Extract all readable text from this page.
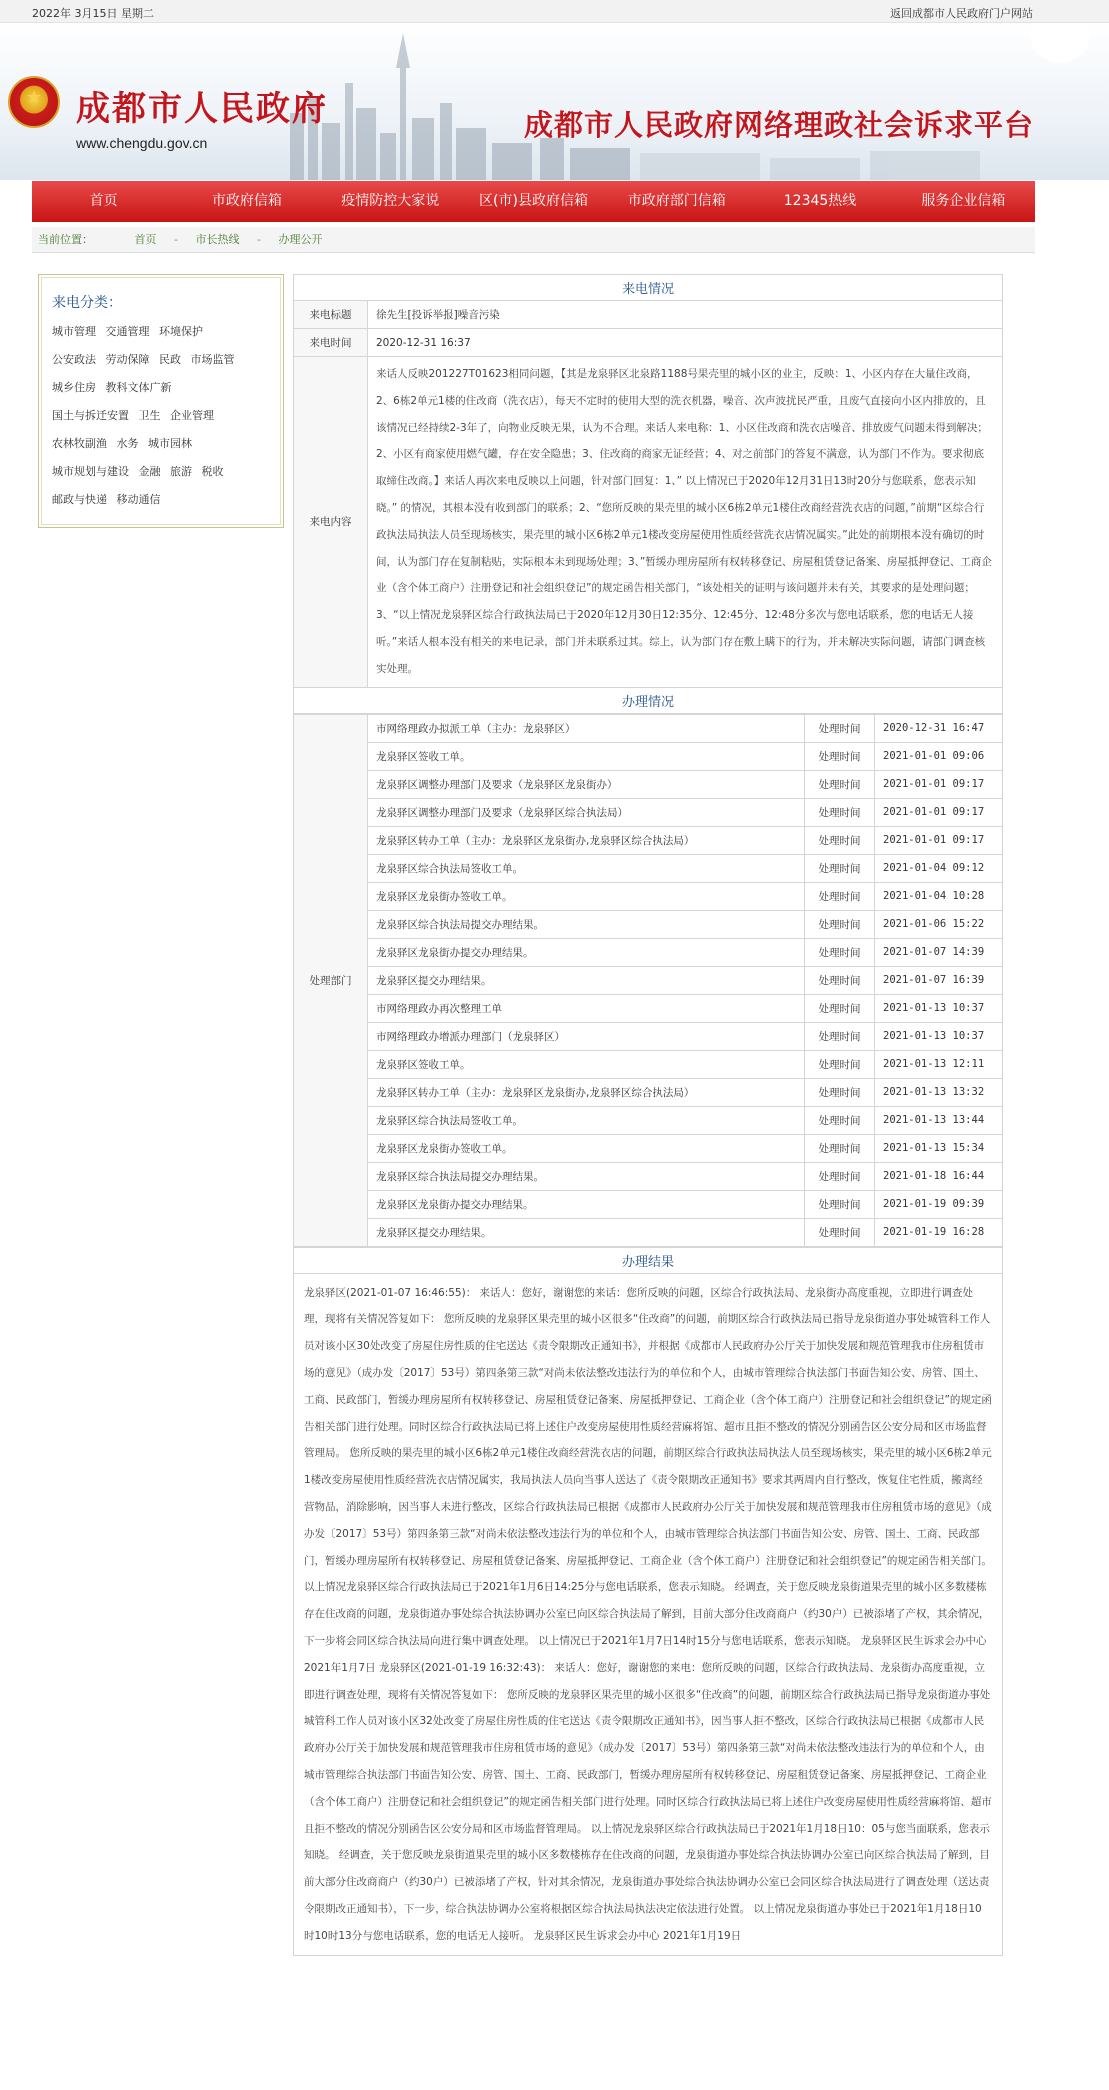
2022年 3月15日 星期二	返回成都市人民政府门户网站
★
成都市人民政府
www.chengdu.gov.cn
成都市人民政府网络理政社会诉求平台
首页	市政府信箱	疫情防控大家说	区(市)县政府信箱	市政府部门信箱	12345热线	服务企业信箱
当前位置：	首页 - 市长热线 - 办理公开
来电分类：
城市管理 交通管理 环境保护
公安政法 劳动保障 民政 市场监管
城乡住房 教科文体广新
国土与拆迁安置 卫生 企业管理
农林牧副渔 水务 城市园林
城市规划与建设 金融 旅游 税收
邮政与快递 移动通信
来电情况	
来电标题	徐先生[投诉举报]噪音污染
来电时间	2020-12-31 16:37
来电内容	来话人反映201227T01623相同问题，【其是龙泉驿区北泉路1188号果壳里的城小区的业主，反映：1、小区内存在大量住改商，2、6栋2单元1楼的住改商（洗衣店），每天不定时的使用大型的洗衣机器，噪音、次声波扰民严重，且废气直接向小区内排放的，且该情况已经持续2-3年了，向物业反映无果，认为不合理。来话人来电称：1、小区住改商和洗衣店噪音、排放废气问题未得到解决；2、小区有商家使用燃气罐，存在安全隐患；3、住改商的商家无证经营；4、对之前部门的答复不满意，认为部门不作为。要求彻底取缔住改商。】来话人再次来电反映以上问题，针对部门回复：1、” 以上情况已于2020年12月31日13时20分与您联系，您表示知晓。” 的情况，其根本没有收到部门的联系；2、“您所反映的果壳里的城小区6栋2单元1楼住改商经营洗衣店的问题，”前期“区综合行政执法局执法人员至现场核实，果壳里的城小区6栋2单元1楼改变房屋使用性质经营洗衣店情况属实。”此处的前期根本没有确切的时间，认为部门存在复制粘贴，实际根本未到现场处理；3、”暂缓办理房屋所有权转移登记、房屋租赁登记备案、房屋抵押登记、工商企业（含个体工商户）注册登记和社会组织登记”的规定函告相关部门，“该处相关的证明与该问题并未有关，其要求的是处理问题；3、“以上情况龙泉驿区综合行政执法局已于2020年12月30日12:35分、12:45分、12:48分多次与您电话联系，您的电话无人接听。”来话人根本没有相关的来电记录，部门并未联系过其。综上，认为部门存在敷上瞒下的行为，并未解决实际问题，请部门调查核实处理。
办理情况	
处理部门	市网络理政办拟派工单（主办：龙泉驿区）	处理时间	2020-12-31 16:47
	龙泉驿区签收工单。	处理时间	2021-01-01 09:06
	龙泉驿区调整办理部门及要求（龙泉驿区龙泉街办）	处理时间	2021-01-01 09:17
	龙泉驿区调整办理部门及要求（龙泉驿区综合执法局）	处理时间	2021-01-01 09:17
	龙泉驿区转办工单（主办：龙泉驿区龙泉街办,龙泉驿区综合执法局）	处理时间	2021-01-01 09:17
	龙泉驿区综合执法局签收工单。	处理时间	2021-01-04 09:12
	龙泉驿区龙泉街办签收工单。	处理时间	2021-01-04 10:28
	龙泉驿区综合执法局提交办理结果。	处理时间	2021-01-06 15:22
	龙泉驿区龙泉街办提交办理结果。	处理时间	2021-01-07 14:39
	龙泉驿区提交办理结果。	处理时间	2021-01-07 16:39
	市网络理政办再次整理工单	处理时间	2021-01-13 10:37
	市网络理政办增派办理部门（龙泉驿区）	处理时间	2021-01-13 10:37
	龙泉驿区签收工单。	处理时间	2021-01-13 12:11
	龙泉驿区转办工单（主办：龙泉驿区龙泉街办,龙泉驿区综合执法局）	处理时间	2021-01-13 13:32
	龙泉驿区综合执法局签收工单。	处理时间	2021-01-13 13:44
	龙泉驿区龙泉街办签收工单。	处理时间	2021-01-13 15:34
	龙泉驿区综合执法局提交办理结果。	处理时间	2021-01-18 16:44
	龙泉驿区龙泉街办提交办理结果。	处理时间	2021-01-19 09:39
	龙泉驿区提交办理结果。	处理时间	2021-01-19 16:28
办理结果
龙泉驿区(2021-01-07 16:46:55)： 来话人：您好，谢谢您的来话：您所反映的问题，区综合行政执法局、龙泉街办高度重视，立即进行调查处理，现将有关情况答复如下： 您所反映的龙泉驿区果壳里的城小区很多“住改商”的问题，前期区综合行政执法局已指导龙泉街道办事处城管科工作人员对该小区30处改变了房屋住房性质的住宅送达《责令限期改正通知书》，并根据《成都市人民政府办公厅关于加快发展和规范管理我市住房租赁市场的意见》（成办发〔2017〕53号）第四条第三款“对尚未依法整改违法行为的单位和个人，由城市管理综合执法部门书面告知公安、房管、国土、工商、民政部门，暂缓办理房屋所有权转移登记、房屋租赁登记备案、房屋抵押登记、工商企业（含个体工商户）注册登记和社会组织登记”的规定函告相关部门进行处理。同时区综合行政执法局已将上述住户改变房屋使用性质经营麻将馆、超市且拒不整改的情况分别函告区公安分局和区市场监督管理局。 您所反映的果壳里的城小区6栋2单元1楼住改商经营洗衣店的问题，前期区综合行政执法局执法人员至现场核实，果壳里的城小区6栋2单元1楼改变房屋使用性质经营洗衣店情况属实，我局执法人员向当事人送达了《责令限期改正通知书》要求其两周内自行整改，恢复住宅性质，搬离经营物品，消除影响，因当事人未进行整改，区综合行政执法局已根据《成都市人民政府办公厅关于加快发展和规范管理我市住房租赁市场的意见》（成办发〔2017〕53号）第四条第三款“对尚未依法整改违法行为的单位和个人，由城市管理综合执法部门书面告知公安、房管、国土、工商、民政部门，暂缓办理房屋所有权转移登记、房屋租赁登记备案、房屋抵押登记、工商企业（含个体工商户）注册登记和社会组织登记”的规定函告相关部门。 以上情况龙泉驿区综合行政执法局已于2021年1月6日14:25分与您电话联系，您表示知晓。 经调查，关于您反映龙泉街道果壳里的城小区多数楼栋存在住改商的问题，龙泉街道办事处综合执法协调办公室已向区综合执法局了解到，目前大部分住改商商户（约30户）已被添堵了产权，其余情况，下一步将会同区综合执法局向进行集中调查处理。 以上情况已于2021年1月7日14时15分与您电话联系，您表示知晓。 龙泉驿区民生诉求会办中心 2021年1月7日 龙泉驿区(2021-01-19 16:32:43)： 来话人：您好，谢谢您的来电：您所反映的问题，区综合行政执法局、龙泉街办高度重视，立即进行调查处理，现将有关情况答复如下： 您所反映的龙泉驿区果壳里的城小区很多“住改商”的问题，前期区综合行政执法局已指导龙泉街道办事处城管科工作人员对该小区32处改变了房屋住房性质的住宅送达《责令限期改正通知书》，因当事人拒不整改，区综合行政执法局已根据《成都市人民政府办公厅关于加快发展和规范管理我市住房租赁市场的意见》（成办发〔2017〕53号）第四条第三款“对尚未依法整改违法行为的单位和个人，由城市管理综合执法部门书面告知公安、房管、国土、工商、民政部门，暂缓办理房屋所有权转移登记、房屋租赁登记备案、房屋抵押登记、工商企业（含个体工商户）注册登记和社会组织登记”的规定函告相关部门进行处理。同时区综合行政执法局已将上述住户改变房屋使用性质经营麻将馆、超市且拒不整改的情况分别函告区公安分局和区市场监督管理局。 以上情况龙泉驿区综合行政执法局已于2021年1月18日10：05与您当面联系，您表示知晓。 经调查，关于您反映龙泉街道果壳里的城小区多数楼栋存在住改商的问题，龙泉街道办事处综合执法协调办公室已向区综合执法局了解到，目前大部分住改商商户（约30户）已被添堵了产权，针对其余情况，龙泉街道办事处综合执法协调办公室已会同区综合执法局进行了调查处理（送达责令限期改正通知书），下一步，综合执法协调办公室将根据区综合执法局执法决定依法进行处置。 以上情况龙泉街道办事处已于2021年1月18日10时10时13分与您电话联系，您的电话无人接听。 龙泉驿区民生诉求会办中心 2021年1月19日
